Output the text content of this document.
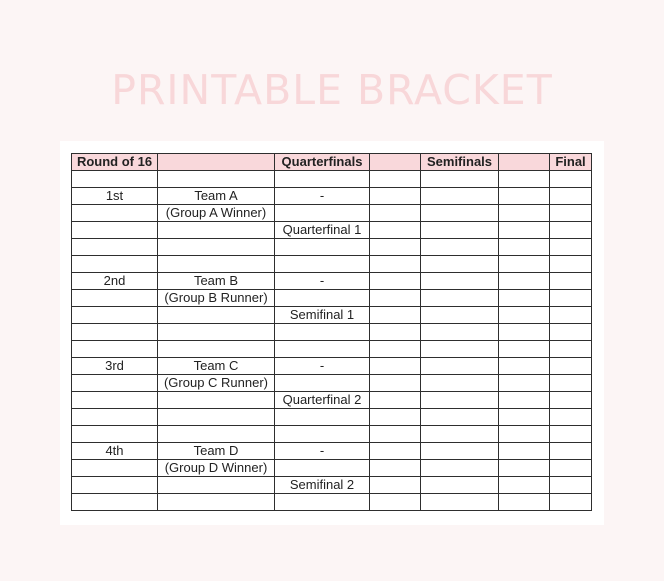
PRINTABLE BRACKET
Round of 16		Quarterfinals		Semifinals		Final

1st	Team A	-				
	(Group A Winner)					
		Quarterfinal 1				

2nd	Team B	-				
	(Group B Runner)					
		Semifinal 1				

3rd	Team C	-				
	(Group C Runner)					
		Quarterfinal 2				

4th	Team D	-				
	(Group D Winner)					
		Semifinal 2				
